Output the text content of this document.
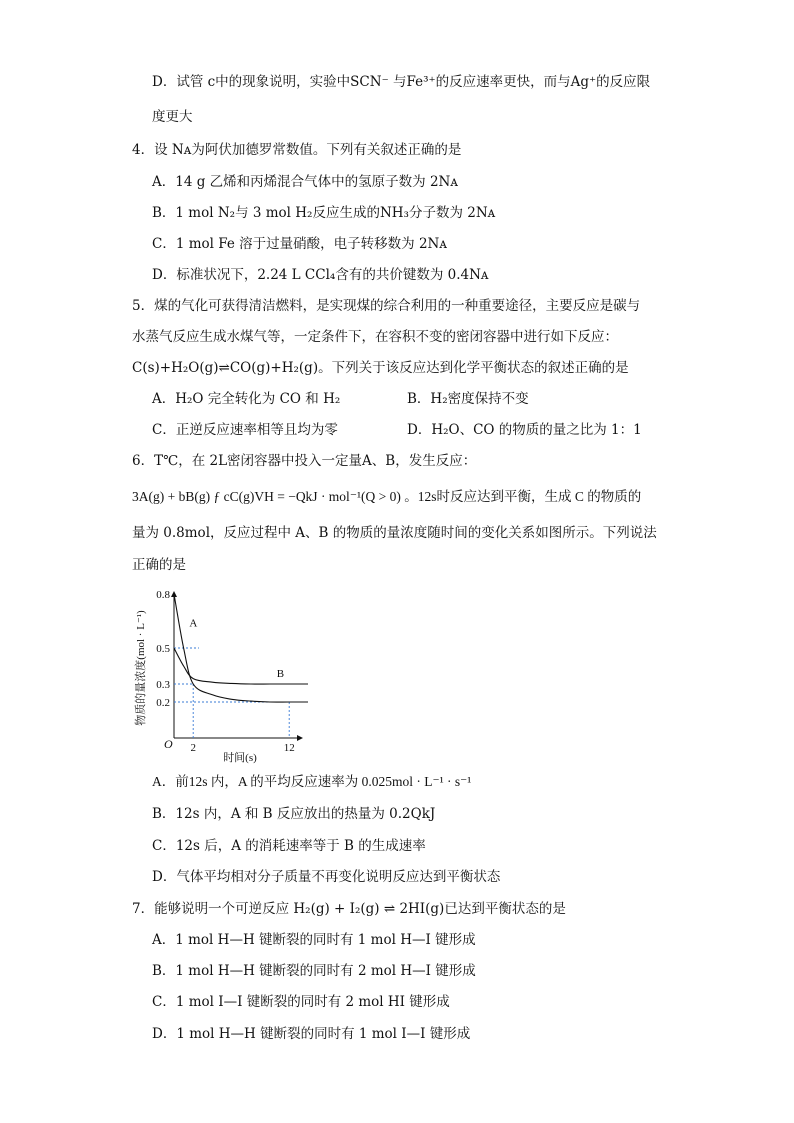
D．试管 c中的现象说明，实验中SCN⁻ 与Fe³⁺的反应速率更快，而与Ag⁺的反应限
度更大
4．设 Nᴀ为阿伏加德罗常数值。下列有关叙述正确的是
A．14 g 乙烯和丙烯混合气体中的氢原子数为 2Nᴀ
B．1 mol N₂与 3 mol H₂反应生成的NH₃分子数为 2Nᴀ
C．1 mol Fe 溶于过量硝酸，电子转移数为 2Nᴀ
D．标准状况下，2.24 L CCl₄含有的共价键数为 0.4Nᴀ
5．煤的气化可获得清洁燃料，是实现煤的综合利用的一种重要途径，主要反应是碳与
水蒸气反应生成水煤气等，一定条件下，在容积不变的密闭容器中进行如下反应：
C(s)+H₂O(g)⇌CO(g)+H₂(g)。下列关于该反应达到化学平衡状态的叙述正确的是
A．H₂O 完全转化为 CO 和 H₂	B．H₂密度保持不变
C．正逆反应速率相等且均为零	D．H₂O、CO 的物质的量之比为 1：1
6．T℃，在 2L密闭容器中投入一定量A、B，发生反应：
3A(g) + bB(g) ƒ cC(g)VH = −QkJ · mol⁻¹(Q > 0) 。12s时反应达到平衡，生成 C 的物质的
量为 0.8mol，反应过程中 A、B 的物质的量浓度随时间的变化关系如图所示。下列说法
正确的是
物质的量浓度(mol · L⁻¹)
时间(s)
O
0.8
0.5
0.3
0.2
2	12
A
B
A．前12s 内，A 的平均反应速率为 0.025mol · L⁻¹ · s⁻¹
B．12s 内，A 和 B 反应放出的热量为 0.2QkJ
C．12s 后，A 的消耗速率等于 B 的生成速率
D．气体平均相对分子质量不再变化说明反应达到平衡状态
7．能够说明一个可逆反应 H₂(g) + I₂(g) ⇌ 2HI(g)已达到平衡状态的是
A．1 mol H—H 键断裂的同时有 1 mol H—I 键形成
B．1 mol H—H 键断裂的同时有 2 mol H—I 键形成
C．1 mol I—I 键断裂的同时有 2 mol HI 键形成
D．1 mol H—H 键断裂的同时有 1 mol I—I 键形成
